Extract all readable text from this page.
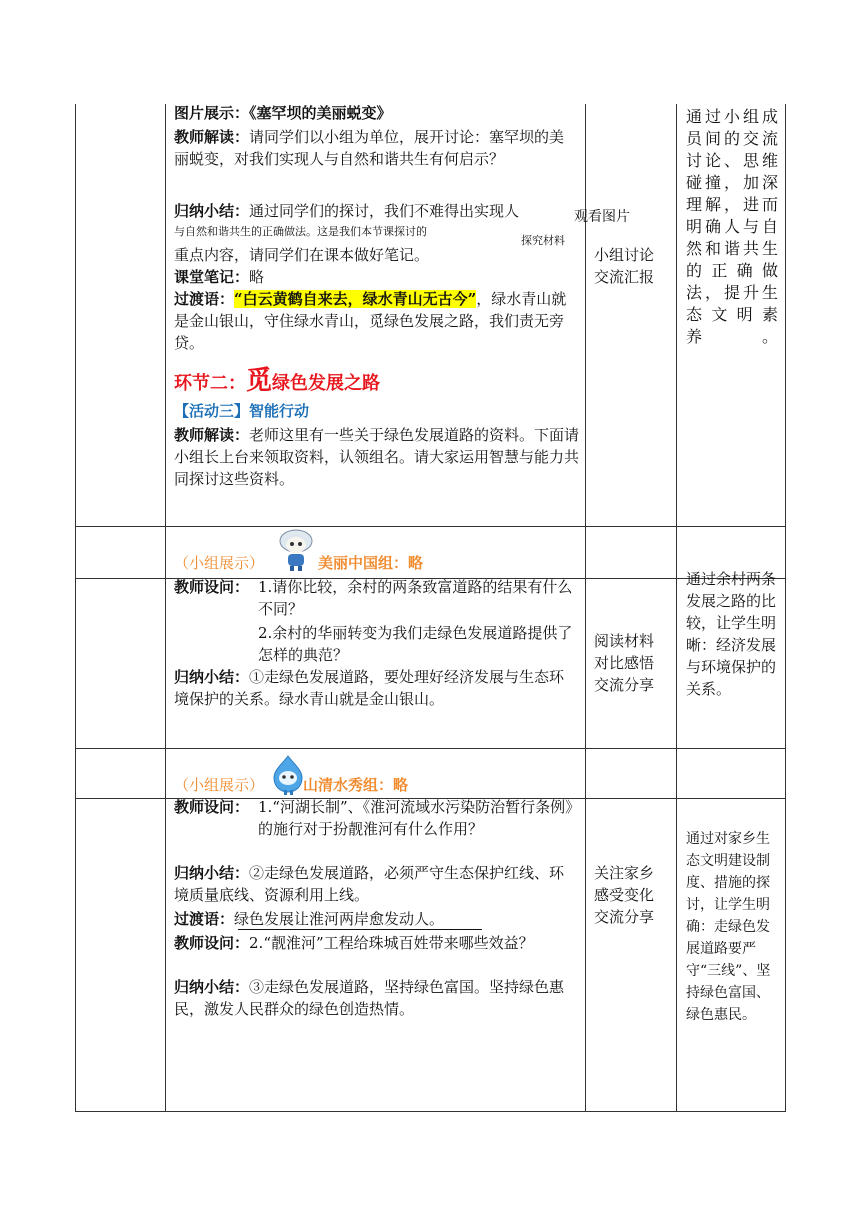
图片展示：《塞罕坝的美丽蜕变》
教师解读：请同学们以小组为单位，展开讨论：塞罕坝的美丽蜕变，对我们实现人与自然和谐共生有何启示？
归纳小结：通过同学们的探讨，我们不难得出实现人
与自然和谐共生的正确做法。这是我们本节课探讨的
重点内容，请同学们在课本做好笔记。
课堂笔记：略
过渡语：“白云黄鹤自来去，绿水青山无古今”，绿水青山就是金山银山，守住绿水青山，觅绿色发展之路，我们责无旁贷。
观看图片
探究材料
环节二：觅绿色发展之路
【活动三】智能行动
教师解读：老师这里有一些关于绿色发展道路的资料。下面请小组长上台来领取资料，认领组名。请大家运用智慧与能力共同探讨这些资料。
小组讨论交流汇报
通过小组成员间的交流讨论、思维碰撞，加深理解，进而明确人与自然和谐共生的正确做法，提升生态文明素养。
（小组展示）	美丽中国组：略
教师设问： 1.请你比较，余村的两条致富道路的结果有什么不同？
2.余村的华丽转变为我们走绿色发展道路提供了怎样的典范？
归纳小结：①走绿色发展道路，要处理好经济发展与生态环境保护的关系。绿水青山就是金山银山。
阅读材料对比感悟交流分享
通过余村两条发展之路的比较，让学生明晰：经济发展与环境保护的关系。
（小组展示）	山清水秀组：略
教师设问： 1.“河湖长制”、《淮河流域水污染防治暂行条例》的施行对于扮靓淮河有什么作用？
归纳小结：②走绿色发展道路，必须严守生态保护红线、环境质量底线、资源利用上线。
过渡语：绿色发展让淮河两岸愈发动人。
教师设问：2.“靓淮河”工程给珠城百姓带来哪些效益？
归纳小结：③走绿色发展道路，坚持绿色富国。坚持绿色惠民，激发人民群众的绿色创造热情。
关注家乡感受变化交流分享
通过对家乡生态文明建设制度、措施的探讨，让学生明确：走绿色发展道路要严守“三线”、坚持绿色富国、绿色惠民。
